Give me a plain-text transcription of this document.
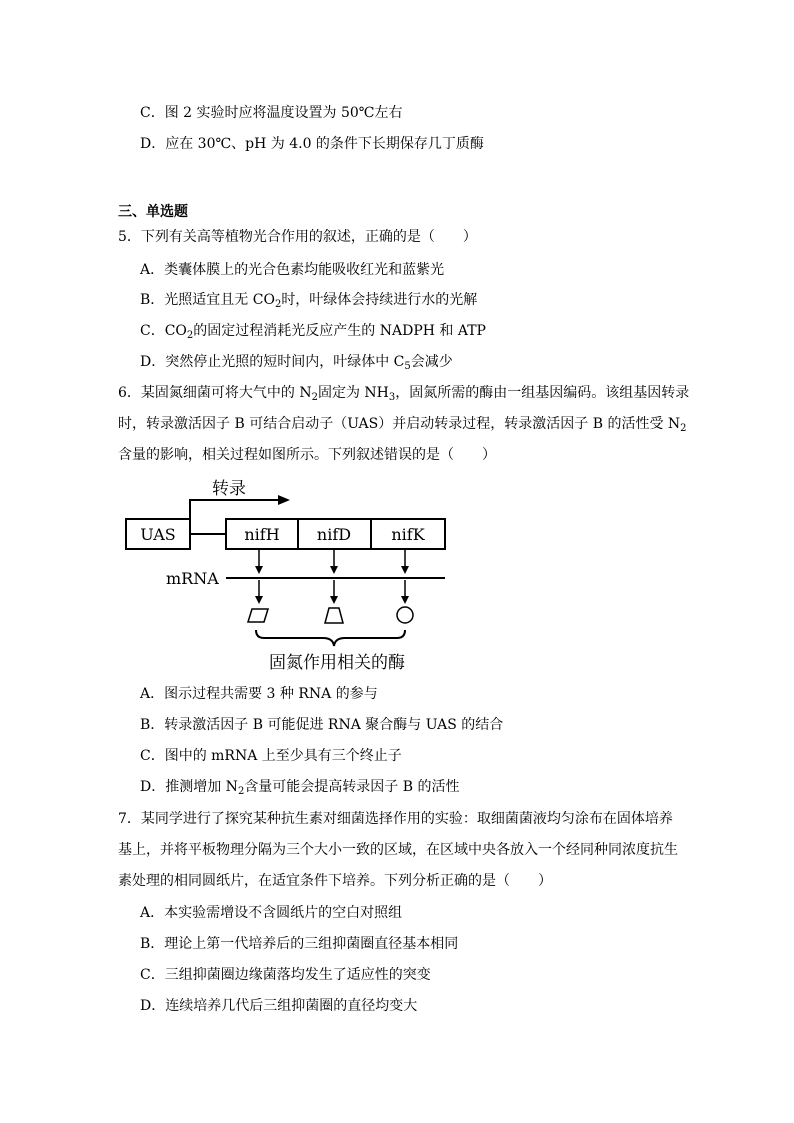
C．图 2 实验时应将温度设置为 50℃左右
D．应在 30℃、pH 为 4.0 的条件下长期保存几丁质酶
三、单选题
5．下列有关高等植物光合作用的叙述，正确的是（　　）
A．类囊体膜上的光合色素均能吸收红光和蓝紫光
B．光照适宜且无 $CO_2$时，叶绿体会持续进行水的光解
C．$CO_2$的固定过程消耗光反应产生的 NADPH 和 ATP
D．突然停止光照的短时间内，叶绿体中 $C_5$会减少
6．某固氮细菌可将大气中的 $N_2$固定为 $NH_3$，固氮所需的酶由一组基因编码。该组基因转录
时，转录激活因子 B 可结合启动子（UAS）并启动转录过程，转录激活因子 B 的活性受 $N_2$
含量的影响，相关过程如图所示。下列叙述错误的是（　　）
转录
UAS	nifH nifD	nifK
mRNA
固氮作用相关的酶
A．图示过程共需要 3 种 RNA 的参与
B．转录激活因子 B 可能促进 RNA 聚合酶与 UAS 的结合
C．图中的 mRNA 上至少具有三个终止子
D．推测增加 $N_2$含量可能会提高转录因子 B 的活性
7．某同学进行了探究某种抗生素对细菌选择作用的实验：取细菌菌液均匀涂布在固体培养
基上，并将平板物理分隔为三个大小一致的区域，在区域中央各放入一个经同种同浓度抗生
素处理的相同圆纸片，在适宜条件下培养。下列分析正确的是（　　）
A．本实验需增设不含圆纸片的空白对照组
B．理论上第一代培养后的三组抑菌圈直径基本相同
C．三组抑菌圈边缘菌落均发生了适应性的突变
D．连续培养几代后三组抑菌圈的直径均变大
